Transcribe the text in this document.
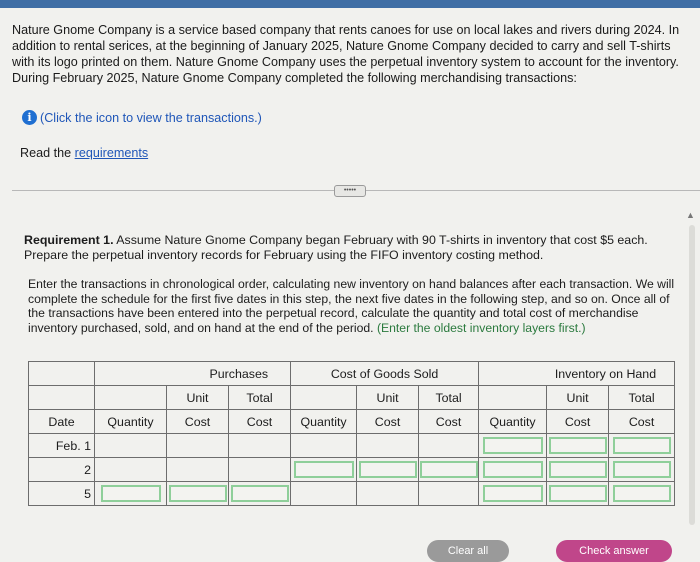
Nature Gnome Company is a service based company that rents canoes for use on local lakes and rivers during 2024. In addition to rental serices, at the beginning of January 2025, Nature Gnome Company decided to carry and sell T-shirts with its logo printed on them. Nature Gnome Company uses the perpetual inventory system to account for the inventory. During February 2025, Nature Gnome Company completed the following merchandising transactions:
i (Click the icon to view the transactions.)
Read the requirements
•••••
▲
Requirement 1. Assume Nature Gnome Company began February with 90 T-shirts in inventory that cost $5 each. Prepare the perpetual inventory records for February using the FIFO inventory costing method.
Enter the transactions in chronological order, calculating new inventory on hand balances after each transaction. We will complete the schedule for the first five dates in this step, the next five dates in the following step, and so on. Once all of the transactions have been entered into the perpetual record, calculate the quantity and total cost of merchandise inventory purchased, sold, and on hand at the end of the period. (Enter the oldest inventory layers first.)
	Purchases			Cost of Goods Sold			Inventory on Hand		
		Unit	Total		Unit	Total		Unit	Total
Date	Quantity	Cost	Cost	Quantity	Cost	Cost	Quantity	Cost	Cost
Feb. 1							

2				

5	

Clear all	Check answer
